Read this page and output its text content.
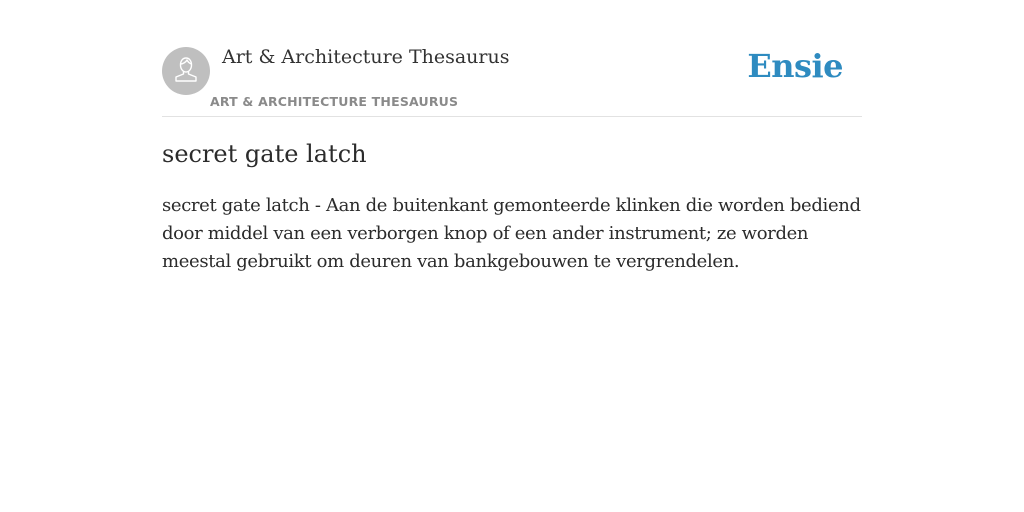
Art & Architecture Thesaurus
ART & ARCHITECTURE THESAURUS
Ensie
secret gate latch

secret gate latch - Aan de buitenkant gemonteerde klinken die worden bediend door middel van een verborgen knop of een ander instrument; ze worden meestal gebruikt om deuren van bankgebouwen te vergrendelen.
